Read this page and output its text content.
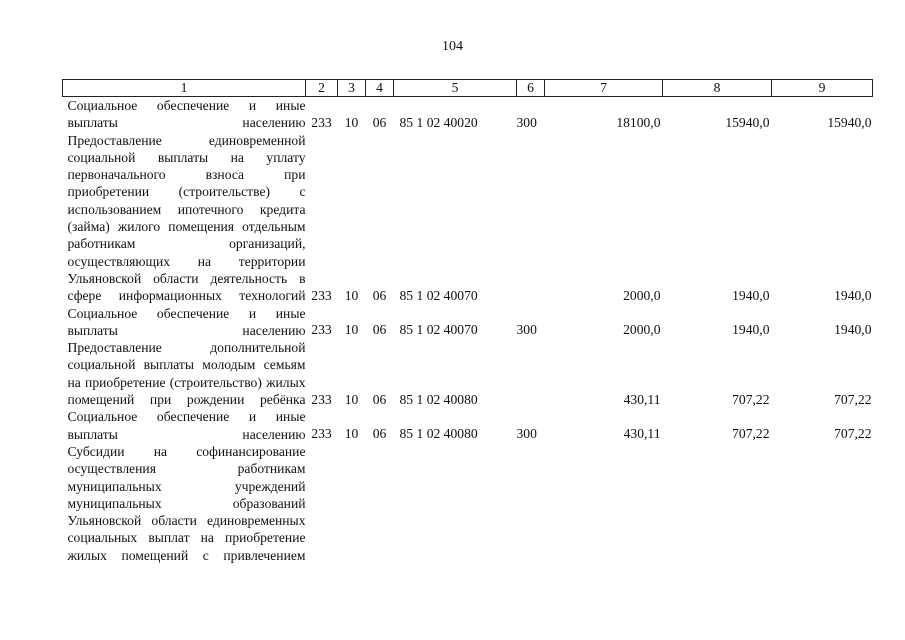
104
1	2	3	4	5	6	7	8	9
Социальное обеспечение и иные выплаты населению	233	10	06	85 1 02 40020	300	18100,0	15940,0	15940,0
Предоставление единовременной социальной выплаты на уплату первоначального взноса при приобретении (строительстве) с использованием ипотечного кредита (займа) жилого помещения отдельным работникам организаций, осуществляющих на территории Ульяновской области деятельность в сфере информационных технологий	233	10	06	85 1 02 40070		2000,0	1940,0	1940,0
Социальное обеспечение и иные выплаты населению	233	10	06	85 1 02 40070	300	2000,0	1940,0	1940,0
Предоставление дополнительной социальной выплаты молодым семьям на приобретение (строительство) жилых помещений при рождении ребёнка	233	10	06	85 1 02 40080		430,11	707,22	707,22
Социальное обеспечение и иные выплаты населению	233	10	06	85 1 02 40080	300	430,11	707,22	707,22
Субсидии на софинансирование осуществления работникам муниципальных учреждений муниципальных образований Ульяновской области единовременных социальных выплат на приобретение жилых помещений с привлечением								
